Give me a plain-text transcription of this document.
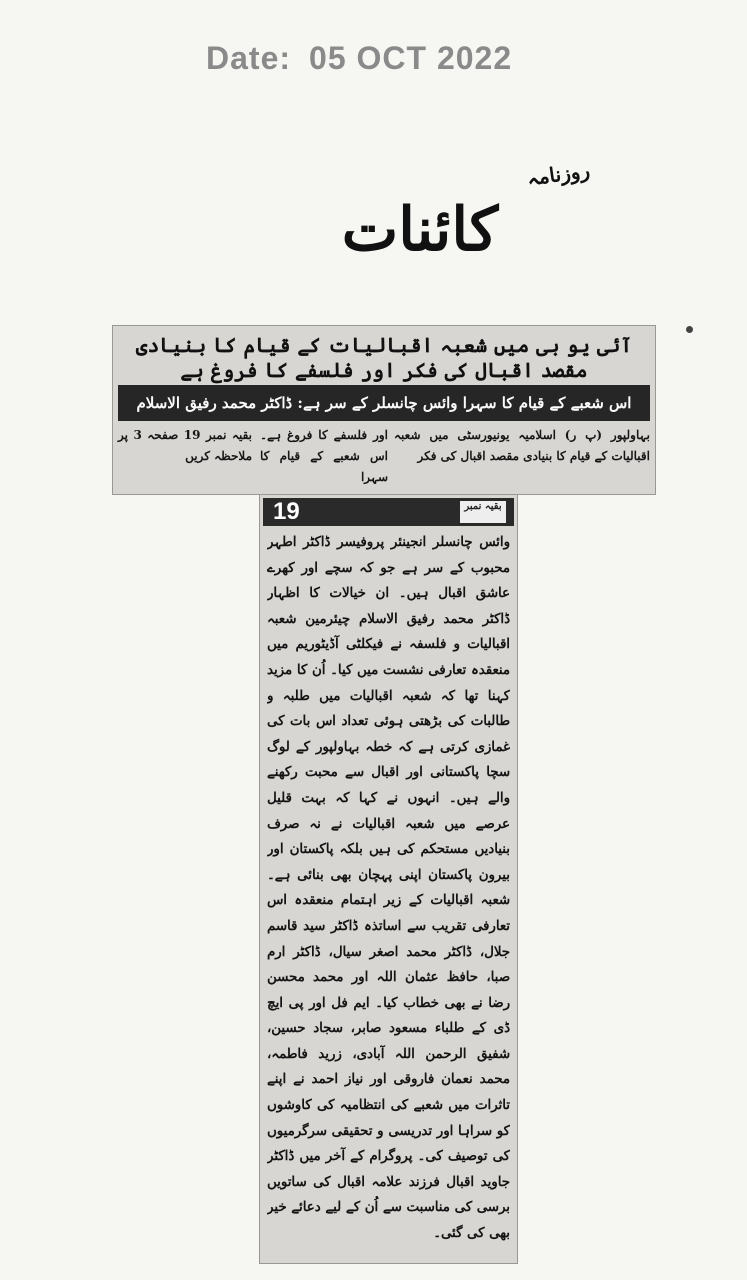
Date: 05 OCT 2022
روزنامہ
کائنات
آئی یو بی میں شعبہ اقبالیات کے قیام کا بنیادی مقصد اقبال کی فکر اور فلسفے کا فروغ ہے
اس شعبے کے قیام کا سہرا وائس چانسلر کے سر ہے: ڈاکٹر محمد رفیق الاسلام
بہاولپور (پ ر) اسلامیہ یونیورسٹی میں شعبہ اقبالیات کے قیام کا بنیادی مقصد اقبال کی فکر
اور فلسفے کا فروغ ہے۔ اس شعبے کے قیام کا سہرا
بقیہ نمبر 19 صفحہ 3 پر ملاحظہ کریں
19	بقیہ نمبر

وائس چانسلر انجینئر پروفیسر ڈاکٹر اطہر محبوب کے سر ہے جو کہ سچے اور کھرے عاشق اقبال ہیں۔ ان خیالات کا اظہار ڈاکٹر محمد رفیق الاسلام چیئرمین شعبہ اقبالیات و فلسفہ نے فیکلٹی آڈیٹوریم میں منعقدہ تعارفی نشست میں کیا۔ اُن کا مزید کہنا تھا کہ شعبہ اقبالیات میں طلبہ و طالبات کی بڑھتی ہوئی تعداد اس بات کی غمازی کرتی ہے کہ خطہ بہاولپور کے لوگ سچا پاکستانی اور اقبال سے محبت رکھنے والے ہیں۔ انہوں نے کہا کہ بہت قلیل عرصے میں شعبہ اقبالیات نے نہ صرف بنیادیں مستحکم کی ہیں بلکہ پاکستان اور بیرون پاکستان اپنی پہچان بھی بنائی ہے۔ شعبہ اقبالیات کے زیر اہتمام منعقدہ اس تعارفی تقریب سے اساتذہ ڈاکٹر سید قاسم جلال، ڈاکٹر محمد اصغر سیال، ڈاکٹر ارم صبا، حافظ عثمان اللہ اور محمد محسن رضا نے بھی خطاب کیا۔ ایم فل اور پی ایچ ڈی کے طلباء مسعود صابر، سجاد حسین، شفیق الرحمن اللہ آبادی، زرید فاطمہ، محمد نعمان فاروقی اور نیاز احمد نے اپنے تاثرات میں شعبے کی انتظامیہ کی کاوشوں کو سراہا اور تدریسی و تحقیقی سرگرمیوں کی توصیف کی۔ پروگرام کے آخر میں ڈاکٹر جاوید اقبال فرزند علامہ اقبال کی ساتویں برسی کی مناسبت سے اُن کے لیے دعائے خیر بھی کی گئی۔
